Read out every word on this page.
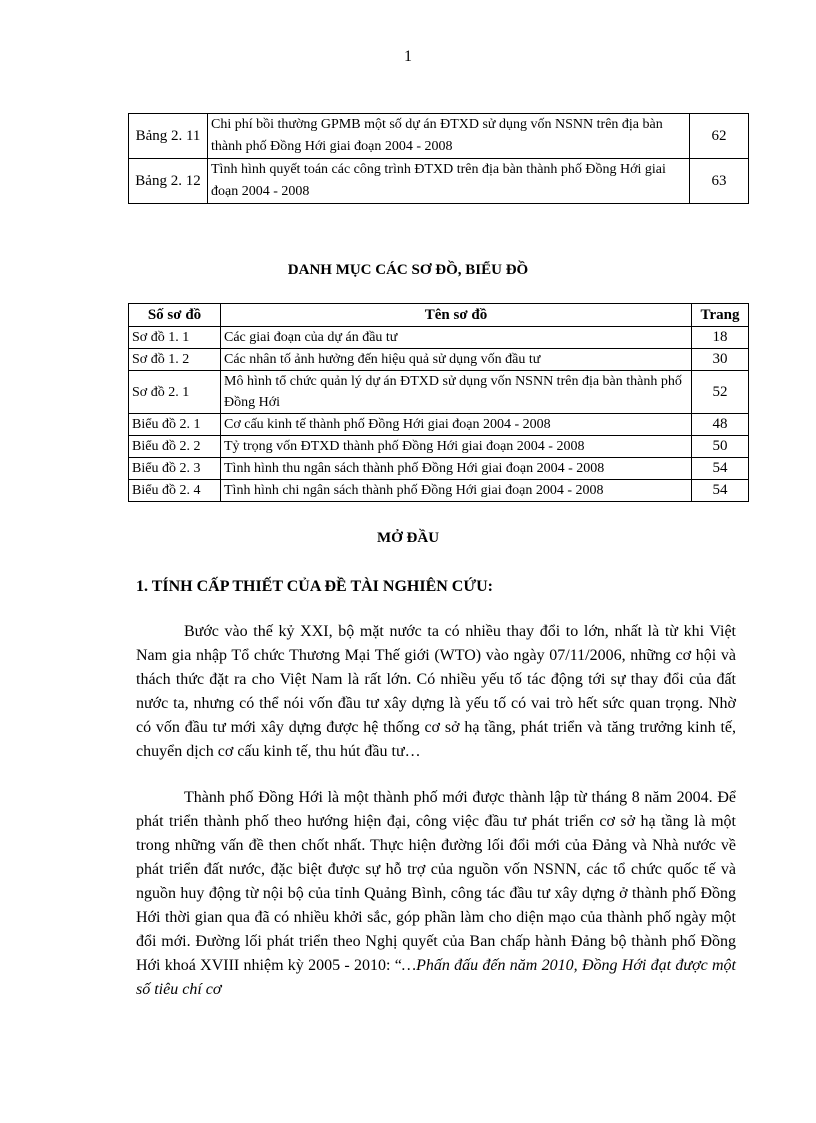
1
Bảng 2. 11	Chi phí bồi thường GPMB một số dự án ĐTXD sử dụng vốn NSNN trên địa bàn thành phố Đồng Hới giai đoạn 2004 - 2008	62
Bảng 2. 12	Tình hình quyết toán các công trình ĐTXD trên địa bàn thành phố Đồng Hới giai đoạn 2004 - 2008	63
DANH MỤC CÁC SƠ ĐỒ, BIỂU ĐỒ
Số sơ đồ	Tên sơ đồ	Trang
Sơ đồ 1. 1	Các giai đoạn của dự án đầu tư	18
Sơ đồ 1. 2	Các nhân tố ảnh hưởng đến hiệu quả sử dụng vốn đầu tư	30
Sơ đồ 2. 1	Mô hình tổ chức quản lý dự án ĐTXD sử dụng vốn NSNN trên địa bàn thành phố Đồng Hới	52
Biểu đồ 2. 1	Cơ cấu kinh tế thành phố Đồng Hới giai đoạn 2004 - 2008	48
Biểu đồ 2. 2	Tỷ trọng vốn ĐTXD thành phố Đồng Hới giai đoạn 2004 - 2008	50
Biểu đồ 2. 3	Tình hình thu ngân sách thành phố Đồng Hới giai đoạn 2004 - 2008	54
Biểu đồ 2. 4	Tình hình chi ngân sách thành phố Đồng Hới giai đoạn 2004 - 2008	54
MỞ ĐẦU
1. TÍNH CẤP THIẾT CỦA ĐỀ TÀI NGHIÊN CỨU:

Bước vào thế kỷ XXI, bộ mặt nước ta có nhiều thay đổi to lớn, nhất là từ khi Việt Nam gia nhập Tổ chức Thương Mại Thế giới (WTO) vào ngày 07/11/2006, những cơ hội và thách thức đặt ra cho Việt Nam là rất lớn. Có nhiều yếu tố tác động tới sự thay đổi của đất nước ta, nhưng có thể nói vốn đầu tư xây dựng là yếu tố có vai trò hết sức quan trọng. Nhờ có vốn đầu tư mới xây dựng được hệ thống cơ sở hạ tầng, phát triển và tăng trưởng kinh tế, chuyển dịch cơ cấu kinh tế, thu hút đầu tư…

Thành phố Đồng Hới là một thành phố mới được thành lập từ tháng 8 năm 2004. Để phát triển thành phố theo hướng hiện đại, công việc đầu tư phát triển cơ sở hạ tầng là một trong những vấn đề then chốt nhất. Thực hiện đường lối đổi mới của Đảng và Nhà nước về phát triển đất nước, đặc biệt được sự hỗ trợ của nguồn vốn NSNN, các tổ chức quốc tế và nguồn huy động từ nội bộ của tỉnh Quảng Bình, công tác đầu tư xây dựng ở thành phố Đồng Hới thời gian qua đã có nhiều khởi sắc, góp phần làm cho diện mạo của thành phố ngày một đổi mới. Đường lối phát triển theo Nghị quyết của Ban chấp hành Đảng bộ thành phố Đồng Hới khoá XVIII nhiệm kỳ 2005 - 2010: “…Phấn đấu đến năm 2010, Đồng Hới đạt được một số tiêu chí cơ
